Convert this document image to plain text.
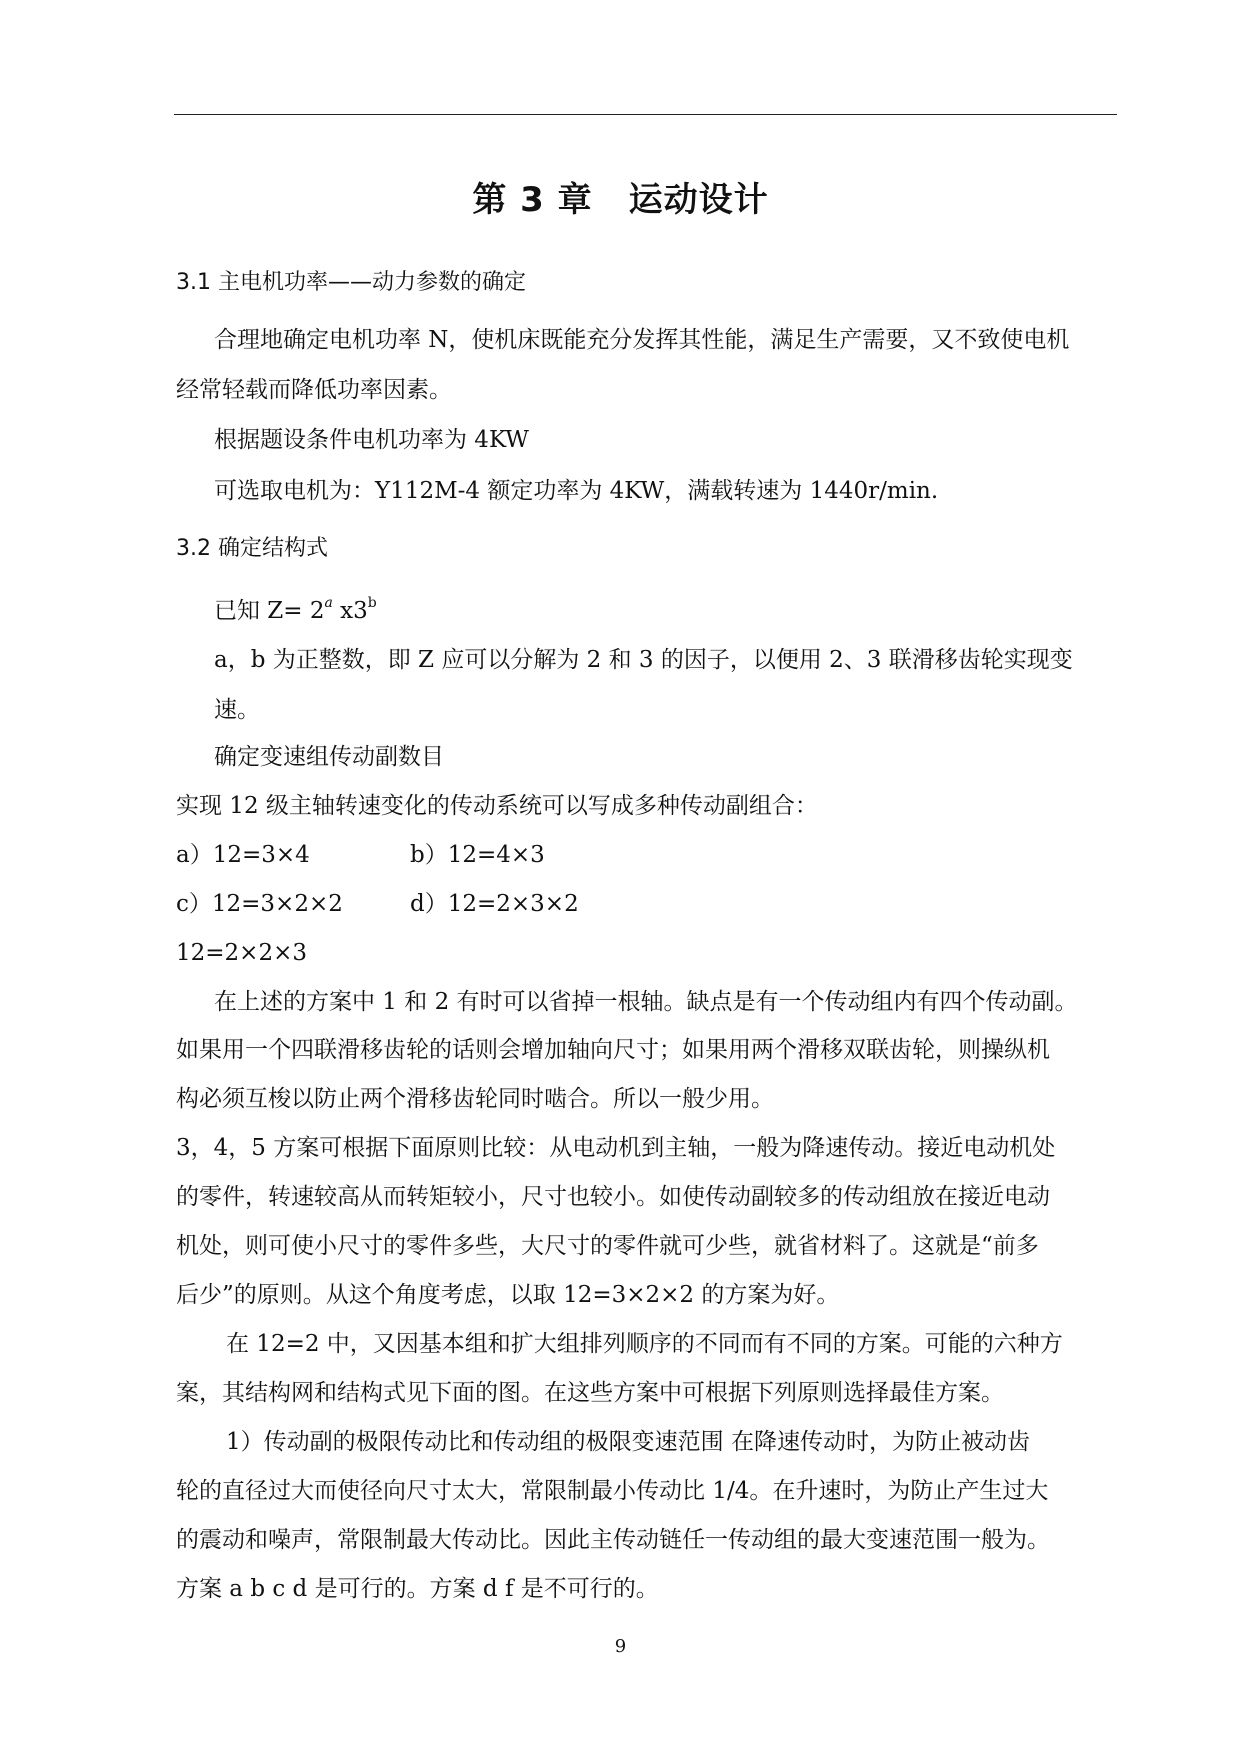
第 3 章 运动设计

3.1 主电机功率——动力参数的确定

合理地确定电机功率 N，使机床既能充分发挥其性能，满足生产需要，又不致使电机

经常轻载而降低功率因素。

根据题设条件电机功率为 4KW

可选取电机为：Y112M-4 额定功率为 4KW，满载转速为 1440r/min.

3.2 确定结构式

已知 $Z= 2^a$ x3$^b$

a，b 为正整数，即 Z 应可以分解为 2 和 3 的因子，以便用 2、3 联滑移齿轮实现变

速。

确定变速组传动副数目

实现 12 级主轴转速变化的传动系统可以写成多种传动副组合：

a）12=3×4	b）12=4×3

c）12=3×2×2	d）12=2×3×2

12=2×2×3

在上述的方案中 1 和 2 有时可以省掉一根轴。缺点是有一个传动组内有四个传动副。

如果用一个四联滑移齿轮的话则会增加轴向尺寸；如果用两个滑移双联齿轮，则操纵机

构必须互梭以防止两个滑移齿轮同时啮合。所以一般少用。

3，4，5 方案可根据下面原则比较：从电动机到主轴，一般为降速传动。接近电动机处

的零件，转速较高从而转矩较小，尺寸也较小。如使传动副较多的传动组放在接近电动

机处，则可使小尺寸的零件多些，大尺寸的零件就可少些，就省材料了。这就是“前多

后少”的原则。从这个角度考虑，以取 12=3×2×2 的方案为好。

在 12=2 中，又因基本组和扩大组排列顺序的不同而有不同的方案。可能的六种方

案，其结构网和结构式见下面的图。在这些方案中可根据下列原则选择最佳方案。

1）传动副的极限传动比和传动组的极限变速范围 在降速传动时，为防止被动齿

轮的直径过大而使径向尺寸太大，常限制最小传动比 1/4。在升速时，为防止产生过大

的震动和噪声，常限制最大传动比。因此主传动链任一传动组的最大变速范围一般为。

方案 a b c d 是可行的。方案 d f 是不可行的。

9
